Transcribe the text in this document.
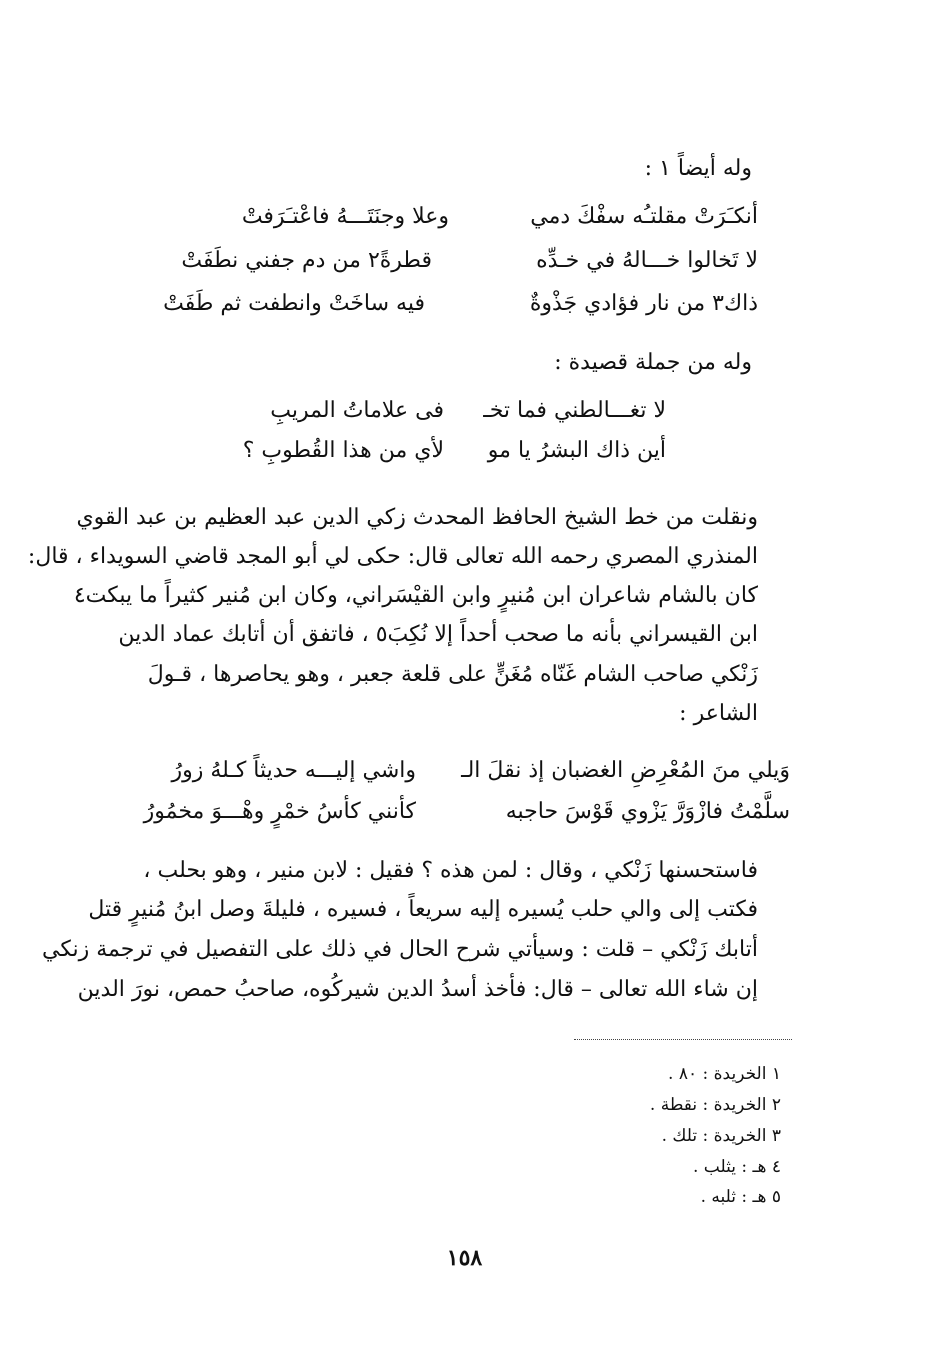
وله أيضاً ١ :
أنكـَرَتْ مقلتـُه سفْكَ دمي
وعلا وجنَتَـــهُ فاعْتـَرَفتْ
لا تَخالوا خـــالهُ في خـدِّه
قطرةً٢ من دم جفني نطَفَتْ
ذاك٣ من نار فؤادي جَذْوةٌ
فيه ساخَتْ وانطفت ثم طَفَتْ
وله من جملة قصيدة :
لا تغـــالطني فما تخـ
فى علاماتُ المريبِ
أين ذاك البشرُ يا مو
لأي من هذا القُطوبِ ؟
ونقلت من خط الشيخ الحافظ المحدث زكي الدين عبد العظيم بن عبد القوي
المنذري المصري رحمه الله تعالى قال: حكى لي أبو المجد قاضي السويداء ، قال:
كان بالشام شاعران ابن مُنيرٍ وابن القيْسَراني، وكان ابن مُنير كثيراً ما يبكت٤
ابن القيسراني بأنه ما صحب أحداً إلا نُكِبَ٥ ، فاتفق أن أتابك عماد الدين
زَنْكي صاحب الشام غَنّاه مُغَنٍّ على قلعة جعبر ، وهو يحاصرها ، قـولَ
الشاعر :
وَيلي منَ المُعْرِضِ الغضبان إذ نقلَ الـ
واشي إليـــه حديثاً كـلهُ زورُ
سلَّمْتُ فازْوَرَّ يَزْوي قَوْسَ حاجبه
كأنني كأسُ خمْرٍ وهْـــوَ مخمُورُ
فاستحسنها زَنْكي ، وقال : لمن هذه ؟ فقيل : لابن منير ، وهو بحلب ،
فكتب إلى والي حلب يُسيره إليه سريعاً ، فسيره ، فليلةَ وصل ابنُ مُنيرٍ قتل
أتابك زَنْكي – قلت : وسيأتي شرح الحال في ذلك على التفصيل في ترجمة زنكي
إن شاء الله تعالى – قال: فأخذ أسدُ الدين شيركُوه، صاحبُ حمص، نورَ الدين
١ الخريدة : ٨٠ .
٢ الخريدة : نقطة .
٣ الخريدة : تلك .
٤ هـ : يثلب .
٥ هـ : ثلبه .
١٥٨
